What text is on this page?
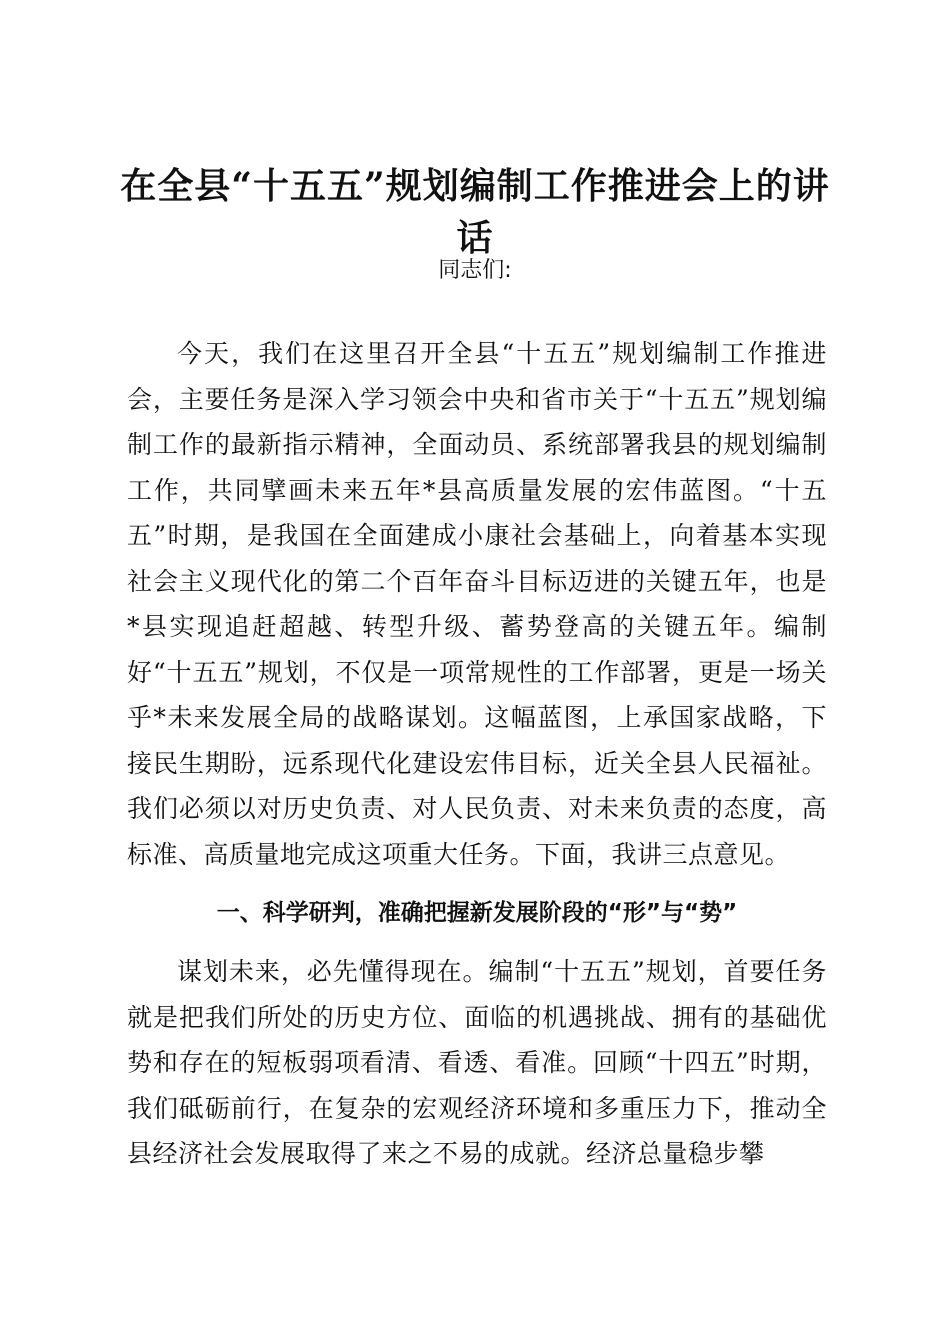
在全县“十五五”规划编制工作推进会上的讲话

同志们:

今天，我们在这里召开全县“十五五”规划编制工作推进会，主要任务是深入学习领会中央和省市关于“十五五”规划编制工作的最新指示精神，全面动员、系统部署我县的规划编制工作，共同擘画未来五年*县高质量发展的宏伟蓝图。“十五五”时期，是我国在全面建成小康社会基础上，向着基本实现社会主义现代化的第二个百年奋斗目标迈进的关键五年，也是*县实现追赶超越、转型升级、蓄势登高的关键五年。编制好“十五五”规划，不仅是一项常规性的工作部署，更是一场关乎*未来发展全局的战略谋划。这幅蓝图，上承国家战略，下接民生期盼，远系现代化建设宏伟目标，近关全县人民福祉。我们必须以对历史负责、对人民负责、对未来负责的态度，高标准、高质量地完成这项重大任务。下面，我讲三点意见。

一、科学研判，准确把握新发展阶段的“形”与“势”

谋划未来，必先懂得现在。编制“十五五”规划，首要任务就是把我们所处的历史方位、面临的机遇挑战、拥有的基础优势和存在的短板弱项看清、看透、看准。回顾“十四五”时期，我们砥砺前行，在复杂的宏观经济环境和多重压力下，推动全县经济社会发展取得了来之不易的成就。经济总量稳步攀
